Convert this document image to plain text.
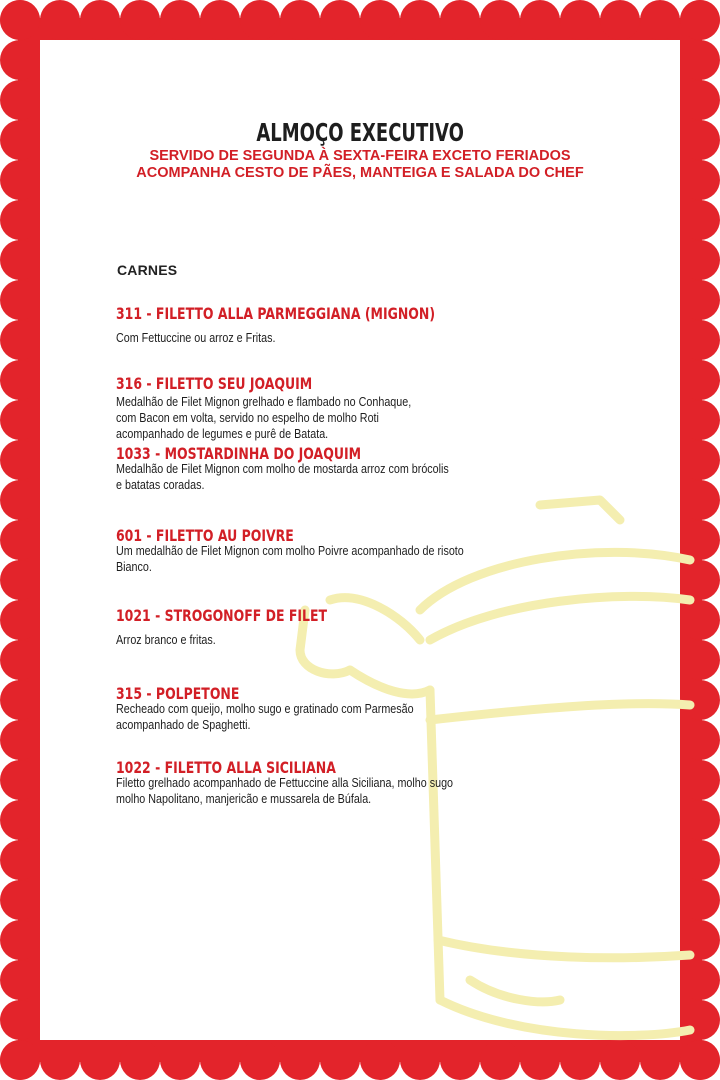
ALMOÇO EXECUTIVO

SERVIDO DE SEGUNDA À SEXTA-FEIRA EXCETO FERIADOS

ACOMPANHA CESTO DE PÃES, MANTEIGA E SALADA DO CHEF

CARNES
311 - FILETTO ALLA PARMEGGIANA (MIGNON)
Com Fettuccine ou arroz e Fritas.
316 - FILETTO SEU JOAQUIM
Medalhão de Filet Mignon grelhado e flambado no Conhaque,
com Bacon em volta, servido no espelho de molho Roti
acompanhado de legumes e purê de Batata.
1033 - MOSTARDINHA DO JOAQUIM
Medalhão de Filet Mignon com molho de mostarda arroz com brócolis
e batatas coradas.
601 - FILETTO AU POIVRE
Um medalhão de Filet Mignon com molho Poivre acompanhado de risoto
Bianco.
1021 - STROGONOFF DE FILET
Arroz branco e fritas.
315 - POLPETONE
Recheado com queijo, molho sugo e gratinado com Parmesão
acompanhado de Spaghetti.
1022 - FILETTO ALLA SICILIANA
Filetto grelhado acompanhado de Fettuccine alla Siciliana, molho sugo
molho Napolitano, manjericão e mussarela de Búfala.
